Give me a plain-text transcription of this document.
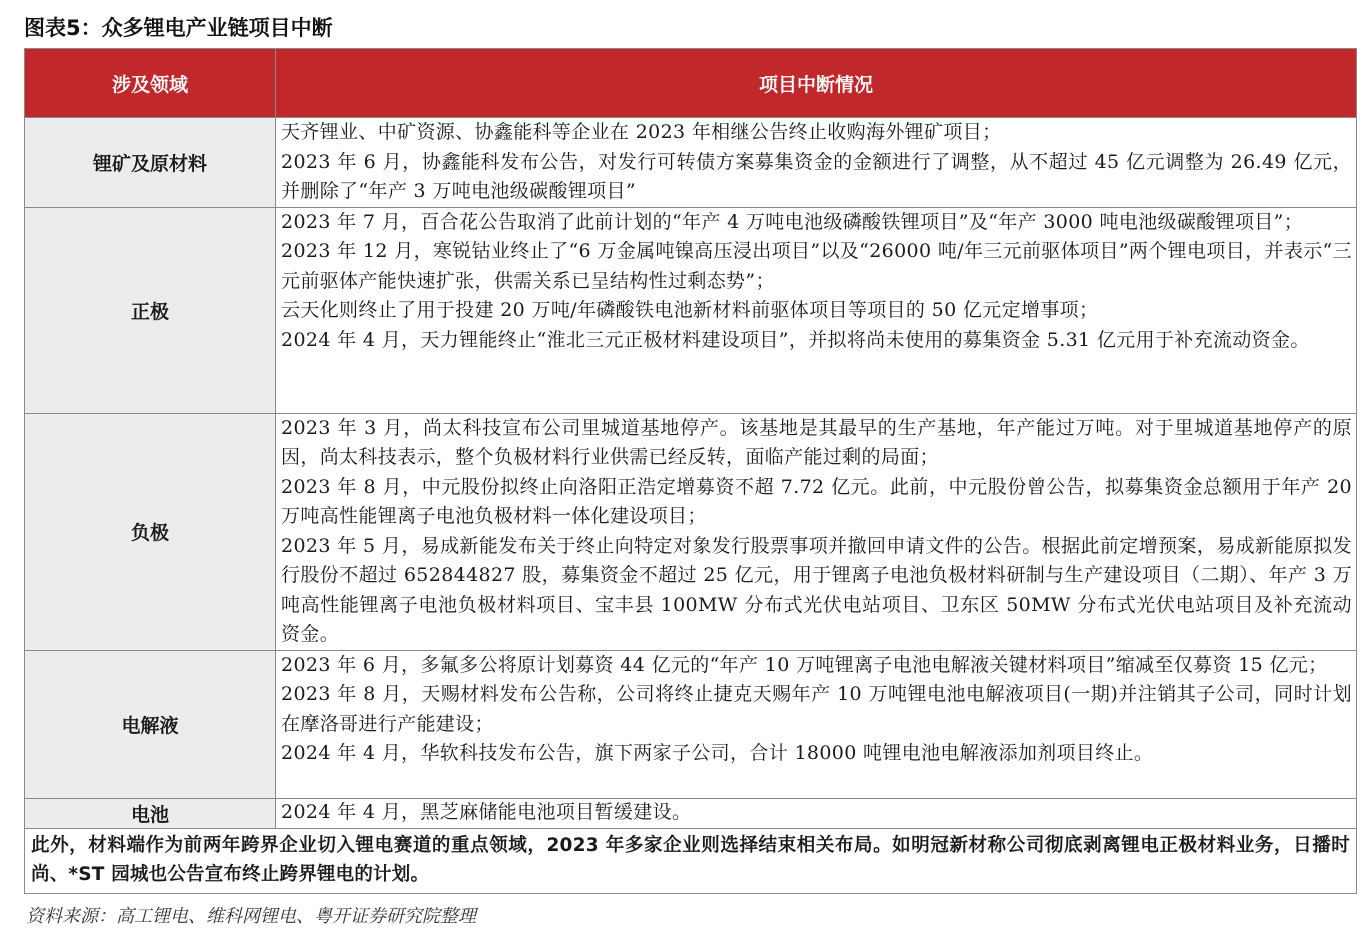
图表5：众多锂电产业链项目中断
涉及领域	项目中断情况
锂矿及原材料	天齐锂业、中矿资源、协鑫能科等企业在 2023 年相继公告终止收购海外锂矿项目；

2023 年 6 月，协鑫能科发布公告，对发行可转债方案募集资金的金额进行了调整，从不超过 45 亿元调整为 26.49 亿元，并删除了“年产 3 万吨电池级碳酸锂项目”

正极	2023 年 7 月，百合花公告取消了此前计划的“年产 4 万吨电池级磷酸铁锂项目”及“年产 3000 吨电池级碳酸锂项目”；

2023 年 12 月，寒锐钴业终止了“6 万金属吨镍高压浸出项目”以及“26000 吨/年三元前驱体项目”两个锂电项目，并表示“三元前驱体产能快速扩张，供需关系已呈结构性过剩态势”；

云天化则终止了用于投建 20 万吨/年磷酸铁电池新材料前驱体项目等项目的 50 亿元定增事项；

2024 年 4 月，天力锂能终止“淮北三元正极材料建设项目”，并拟将尚未使用的募集资金 5.31 亿元用于补充流动资金。

负极	2023 年 3 月，尚太科技宣布公司里城道基地停产。该基地是其最早的生产基地，年产能过万吨。对于里城道基地停产的原因，尚太科技表示，整个负极材料行业供需已经反转，面临产能过剩的局面；

2023 年 8 月，中元股份拟终止向洛阳正浩定增募资不超 7.72 亿元。此前，中元股份曾公告，拟募集资金总额用于年产 20 万吨高性能锂离子电池负极材料一体化建设项目；

2023 年 5 月，易成新能发布关于终止向特定对象发行股票事项并撤回申请文件的公告。根据此前定增预案，易成新能原拟发行股份不超过 652844827 股，募集资金不超过 25 亿元，用于锂离子电池负极材料研制与生产建设项目（二期）、年产 3 万吨高性能锂离子电池负极材料项目、宝丰县 100MW 分布式光伏电站项目、卫东区 50MW 分布式光伏电站项目及补充流动资金。

电解液	2023 年 6 月，多氟多公将原计划募资 44 亿元的“年产 10 万吨锂离子电池电解液关键材料项目”缩减至仅募资 15 亿元；

2023 年 8 月，天赐材料发布公告称，公司将终止捷克天赐年产 10 万吨锂电池电解液项目(一期)并注销其子公司，同时计划在摩洛哥进行产能建设；

2024 年 4 月，华软科技发布公告，旗下两家子公司，合计 18000 吨锂电池电解液添加剂项目终止。

电池	2024 年 4 月，黑芝麻储能电池项目暂缓建设。

此外，材料端作为前两年跨界企业切入锂电赛道的重点领域，2023 年多家企业则选择结束相关布局。如明冠新材称公司彻底剥离锂电正极材料业务，日播时尚、*ST 园城也公告宣布终止跨界锂电的计划。	
资料来源：高工锂电、维科网锂电、粤开证券研究院整理
